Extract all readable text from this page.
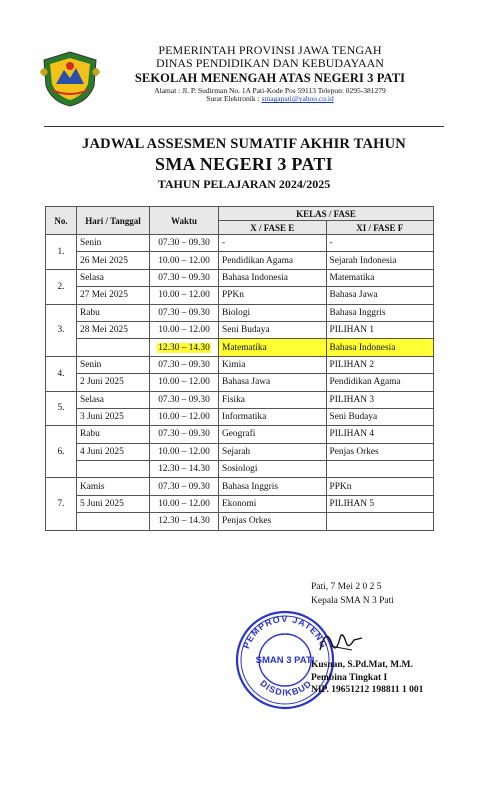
PEMERINTAH PROVINSI JAWA TENGAH
DINAS PENDIDIKAN DAN KEBUDAYAAN
SEKOLAH MENENGAH ATAS NEGERI 3 PATI
Alamat : Jl. P. Sudirman No. 1A Pati-Kode Pos 59113 Telepon: 0295-381279
Surat Elektronik : smagapati@yahoo.co.id
JADWAL ASSESMEN SUMATIF AKHIR TAHUN
SMA NEGERI 3 PATI
TAHUN PELAJARAN 2024/2025
No.	Hari / Tanggal	Waktu	KELAS / FASE	
			X / FASE E	XI / FASE F
1.	Senin	07.30 – 09.30	-	-
	26 Mei 2025	10.00 – 12.00	Pendidikan Agama	Sejarah Indonesia
2.	Selasa	07.30 – 09.30	Bahasa Indonesia	Matematika
	27 Mei 2025	10.00 – 12.00	PPKn	Bahasa Jawa
3.	Rabu	07.30 – 09.30	Biologi	Bahasa Inggris
	28 Mei 2025	10.00 – 12.00	Seni Budaya	PILIHAN 1
		12.30 – 14.30	Matematika	Bahasa Indonesia
4.	Senin	07.30 – 09.30	Kimia	PILIHAN 2
	2 Juni 2025	10.00 – 12.00	Bahasa Jawa	Pendidikan Agama
5.	Selasa	07.30 – 09.30	Fisika	PILIHAN 3
	3 Juni 2025	10.00 – 12.00	Informatika	Seni Budaya
6.	Rabu	07.30 – 09.30	Geografi	PILIHAN 4
	4 Juni 2025	10.00 – 12.00	Sejarah	Penjas Orkes
		12.30 – 14.30	Sosiologi	
7.	Kamis	07.30 – 09.30	Bahasa Inggris	PPKn
	5 Juni 2025	10.00 – 12.00	Ekonomi	PILIHAN 5
		12.30 – 14.30	Penjas Orkes	
Pati, 7 Mei 2 0 2 5
Kepala SMA N 3 Pati
PEMPROV JATENG
SMAN 3 PATI
DISDIKBUD
Kusnan, S.Pd.Mat, M.M.
Pembina Tingkat I
NIP. 19651212 198811 1 001
